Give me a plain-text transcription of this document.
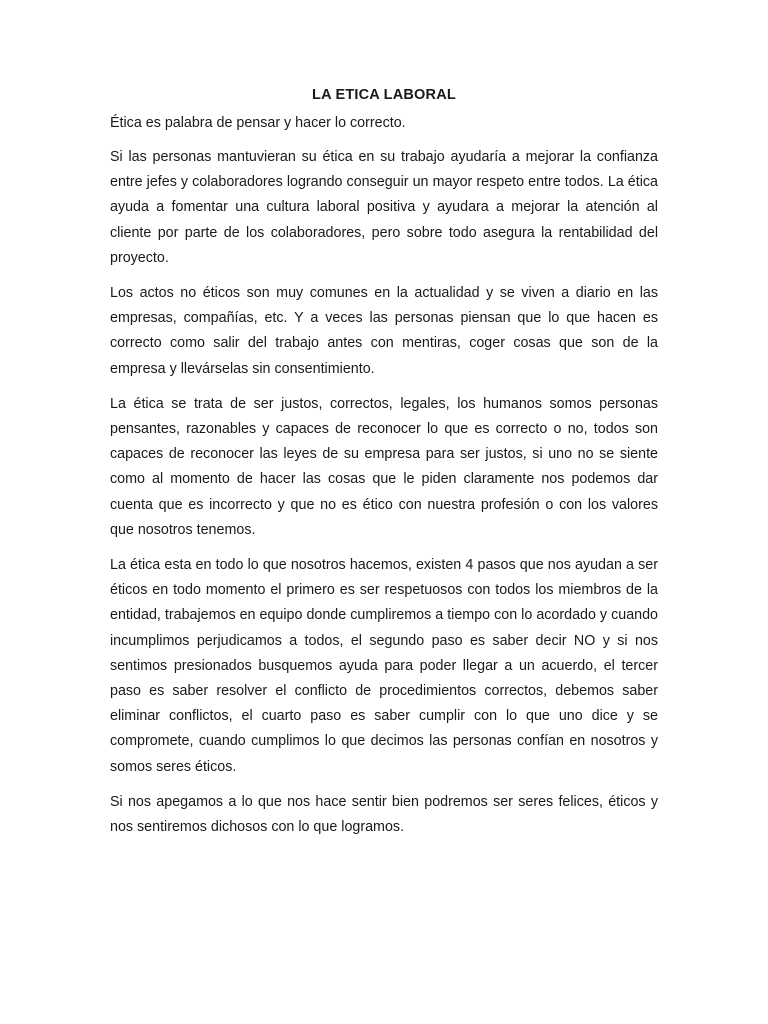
LA ETICA LABORAL

Ética es palabra de pensar y hacer lo correcto.

Si las personas mantuvieran su ética en su trabajo ayudaría a mejorar la confianza entre jefes y colaboradores logrando conseguir un mayor respeto entre todos. La ética ayuda a fomentar una cultura laboral positiva y ayudara a mejorar la atención al cliente por parte de los colaboradores, pero sobre todo asegura la rentabilidad del proyecto.

Los actos no éticos son muy comunes en la actualidad y se viven a diario en las empresas, compañías, etc. Y a veces las personas piensan que lo que hacen es correcto como salir del trabajo antes con mentiras, coger cosas que son de la empresa y llevárselas sin consentimiento.

La ética se trata de ser justos, correctos, legales, los humanos somos personas pensantes, razonables y capaces de reconocer lo que es correcto o no, todos son capaces de reconocer las leyes de su empresa para ser justos, si uno no se siente como al momento de hacer las cosas que le piden claramente nos podemos dar cuenta que es incorrecto y que no es ético con nuestra profesión o con los valores que nosotros tenemos.

La ética esta en todo lo que nosotros hacemos, existen 4 pasos que nos ayudan a ser éticos en todo momento el primero es ser respetuosos con todos los miembros de la entidad, trabajemos en equipo donde cumpliremos a tiempo con lo acordado y cuando incumplimos perjudicamos a todos, el segundo paso es saber decir NO y si nos sentimos presionados busquemos ayuda para poder llegar a un acuerdo, el tercer paso es saber resolver el conflicto de procedimientos correctos, debemos saber eliminar conflictos, el cuarto paso es saber cumplir con lo que uno dice y se compromete, cuando cumplimos lo que decimos las personas confían en nosotros y somos seres éticos.

Si nos apegamos a lo que nos hace sentir bien podremos ser seres felices, éticos y nos sentiremos dichosos con lo que logramos.
